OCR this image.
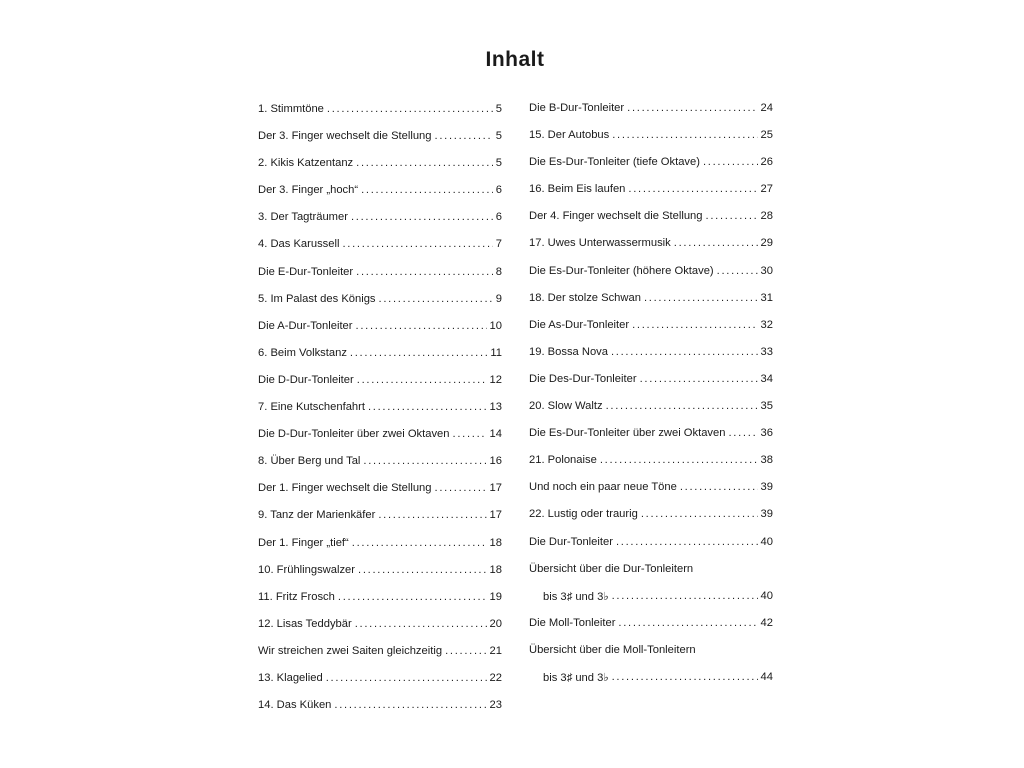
Inhalt
1. Stimmtöne . . .	5
Der 3. Finger wechselt die Stellung . . .	5
2. Kikis Katzentanz . . .	5
Der 3. Finger „hoch“ . . .	6
3. Der Tagträumer . . .	6
4. Das Karussell . . .	7
Die E-Dur-Tonleiter . . .	8
5. Im Palast des Königs . . .	9
Die A-Dur-Tonleiter . . .	10
6. Beim Volkstanz . . .	11
Die D-Dur-Tonleiter . . .	12
7. Eine Kutschenfahrt . . .	13
Die D-Dur-Tonleiter über zwei Oktaven . . .	14
8. Über Berg und Tal . . .	16
Der 1. Finger wechselt die Stellung . . .	17
9. Tanz der Marienkäfer . . .	17
Der 1. Finger „tief“ . . .	18
10. Frühlingswalzer . . .	18
11. Fritz Frosch . . .	19
12. Lisas Teddybär . . .	20
Wir streichen zwei Saiten gleichzeitig . . .	21
13. Klagelied . . .	22
14. Das Küken . . .	23
Die B-Dur-Tonleiter . . .	24
15. Der Autobus . . .	25
Die Es-Dur-Tonleiter (tiefe Oktave) . . .	26
16. Beim Eis laufen . . .	27
Der 4. Finger wechselt die Stellung . . .	28
17. Uwes Unterwassermusik . . .	29
Die Es-Dur-Tonleiter (höhere Oktave) . . .	30
18. Der stolze Schwan . . .	31
Die As-Dur-Tonleiter . . .	32
19. Bossa Nova . . .	33
Die Des-Dur-Tonleiter . . .	34
20. Slow Waltz . . .	35
Die Es-Dur-Tonleiter über zwei Oktaven . . .	36
21. Polonaise . . .	38
Und noch ein paar neue Töne . . .	39
22. Lustig oder traurig . . .	39
Die Dur-Tonleiter . . .	40
Übersicht über die Dur-Tonleitern
bis 3♯ und 3♭ . . .	40
Die Moll-Tonleiter . . .	42
Übersicht über die Moll-Tonleitern
bis 3♯ und 3♭ . . .	44
